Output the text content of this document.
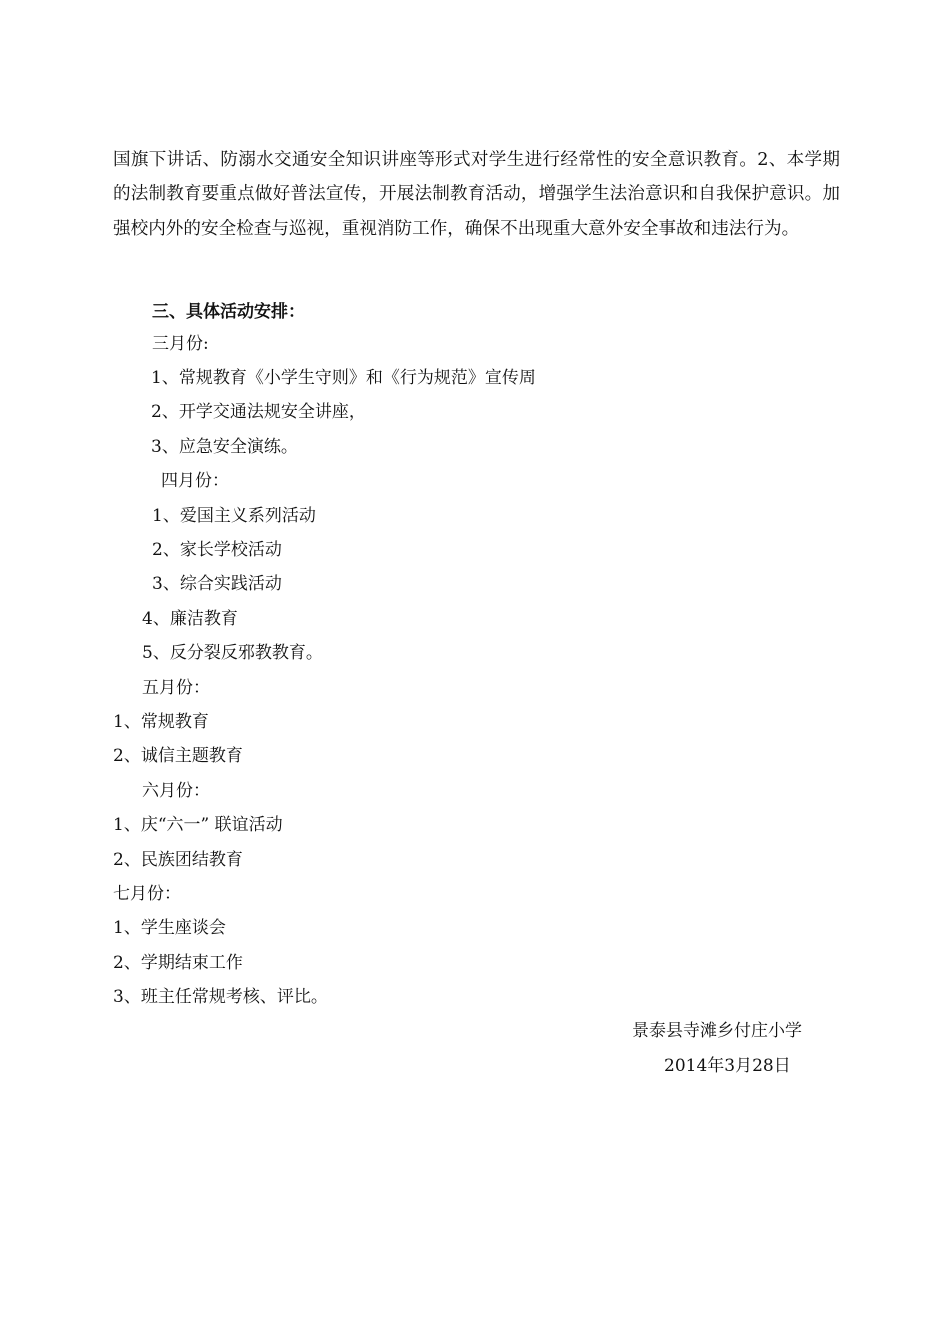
国旗下讲话、防溺水交通安全知识讲座等形式对学生进行经常性的安全意识教育。2、本学期的法制教育要重点做好普法宣传，开展法制教育活动，增强学生法治意识和自我保护意识。加强校内外的安全检查与巡视，重视消防工作，确保不出现重大意外安全事故和违法行为。

三、具体活动安排：
三月份:
1、常规教育《小学生守则》和《行为规范》宣传周
2、开学交通法规安全讲座，
3、应急安全演练。
四月份：
1、爱国主义系列活动
2、家长学校活动
3、综合实践活动
4、廉洁教育
5、反分裂反邪教教育。
五月份：
1、常规教育
2、诚信主题教育
六月份：
1、庆“六一” 联谊活动
2、民族团结教育
七月份：
1、学生座谈会
2、学期结束工作
3、班主任常规考核、评比。
景泰县寺滩乡付庄小学
2014年3月28日
